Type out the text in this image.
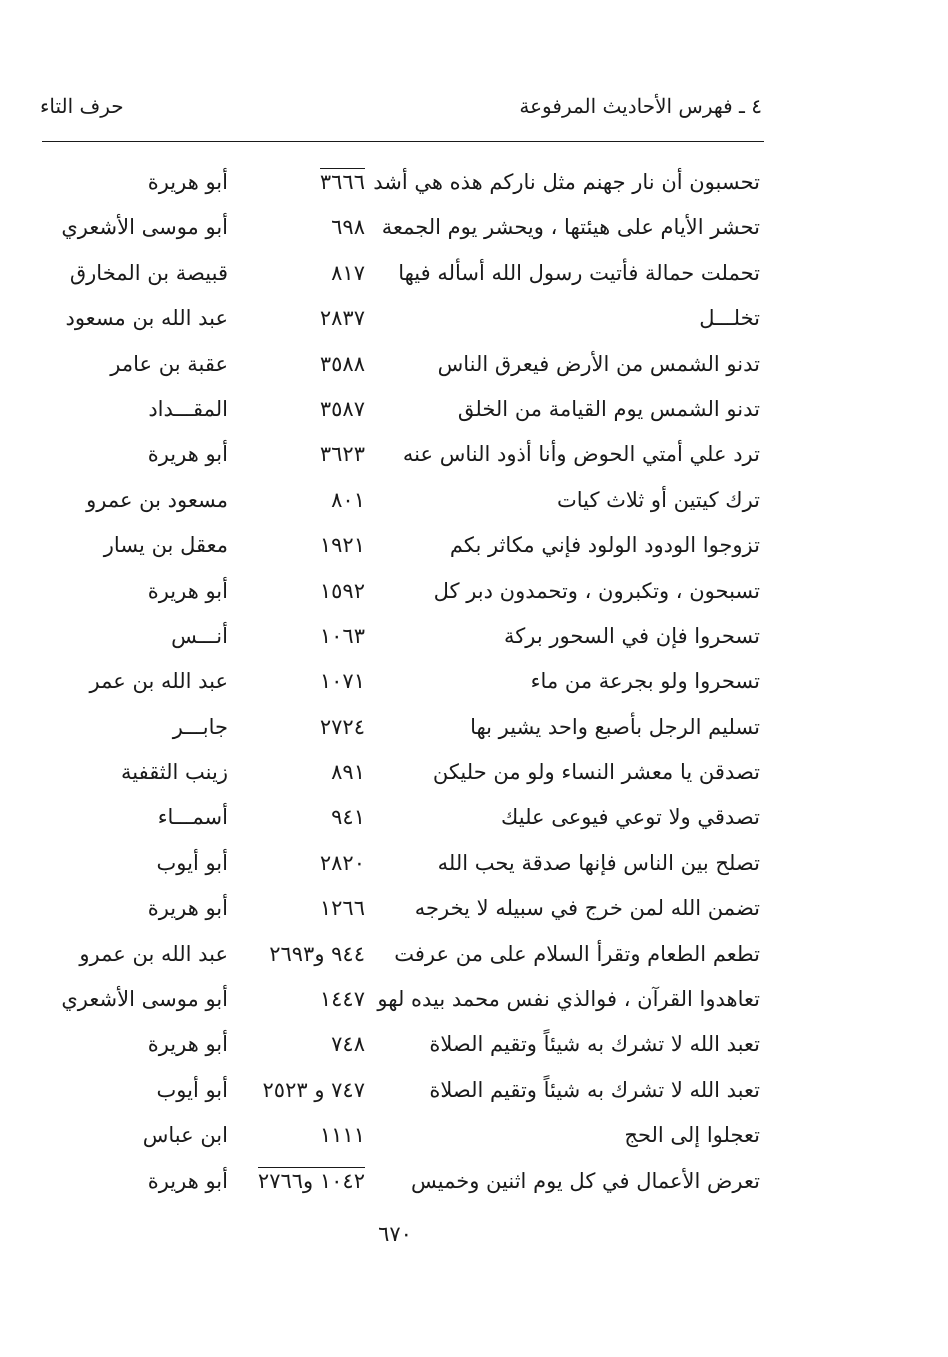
٤ ـ فهرس الأحاديث المرفوعة
حرف التاء
تحسبون أن نار جهنم مثل ناركم هذه هي أشد
٣٦٦٦
أبو هريرة
تحشر الأيام على هيئتها ، ويحشر يوم الجمعة
٦٩٨
أبو موسى الأشعري
تحملت حمالة فأتيت رسول الله أسأله فيها
٨١٧
قبيصة بن المخارق
تخلـــل
٢٨٣٧
عبد الله بن مسعود
تدنو الشمس من الأرض فيعرق الناس
٣٥٨٨
عقبة بن عامر
تدنو الشمس يوم القيامة من الخلق
٣٥٨٧
المقـــداد
ترد علي أمتي الحوض وأنا أذود الناس عنه
٣٦٢٣
أبو هريرة
ترك كيتين أو ثلاث كيات
٨٠١
مسعود بن عمرو
تزوجوا الودود الولود فإني مكاثر بكم
١٩٢١
معقل بن يسار
تسبحون ، وتكبرون ، وتحمدون دبر كل
١٥٩٢
أبو هريرة
تسحروا فإن في السحور بركة
١٠٦٣
أنـــس
تسحروا ولو بجرعة من ماء
١٠٧١
عبد الله بن عمر
تسليم الرجل بأصبع واحد يشير بها
٢٧٢٤
جابـــر
تصدقن يا معشر النساء ولو من حليكن
٨٩١
زينب الثقفية
تصدقي ولا توعي فيوعى عليك
٩٤١
أسمـــاء
تصلح بين الناس فإنها صدقة يحب الله
٢٨٢٠
أبو أيوب
تضمن الله لمن خرج في سبيله لا يخرجه
١٢٦٦
أبو هريرة
تطعم الطعام وتقرأ السلام على من عرفت
٩٤٤ و٢٦٩٣
عبد الله بن عمرو
تعاهدوا القرآن ، فوالذي نفس محمد بيده لهو
١٤٤٧
أبو موسى الأشعري
تعبد الله لا تشرك به شيئاً وتقيم الصلاة
٧٤٨
أبو هريرة
تعبد الله لا تشرك به شيئاً وتقيم الصلاة
٧٤٧ و ٢٥٢٣
أبو أيوب
تعجلوا إلى الحج
١١١١
ابن عباس
تعرض الأعمال في كل يوم اثنين وخميس
١٠٤٢ و٢٧٦٦
أبو هريرة
٦٧٠
